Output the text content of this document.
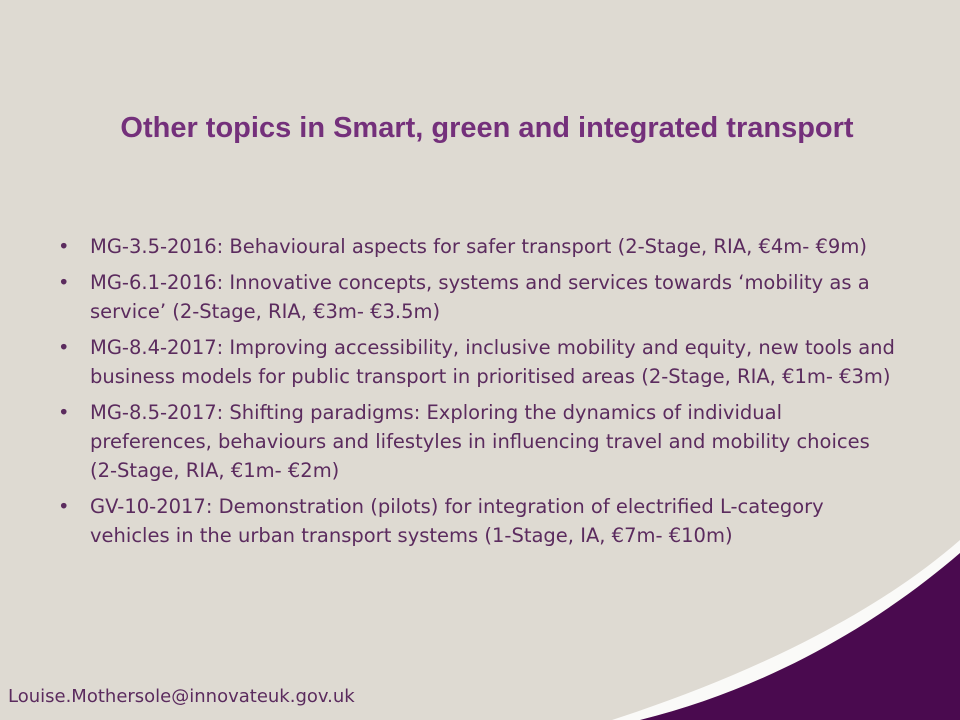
Other topics in Smart, green and integrated transport
•	MG-3.5-2016: Behavioural aspects for safer transport (2-Stage, RIA, €4m- €9m)
•	MG-6.1-2016: Innovative concepts, systems and services towards ‘mobility as a service’ (2-Stage, RIA, €3m- €3.5m)
•	MG-8.4-2017: Improving accessibility, inclusive mobility and equity, new tools and business models for public transport in prioritised areas (2-Stage, RIA, €1m- €3m)
•	MG-8.5-2017: Shifting paradigms: Exploring the dynamics of individual preferences, behaviours and lifestyles in influencing travel and mobility choices (2-Stage, RIA, €1m- €2m)
•	GV-10-2017: Demonstration (pilots) for integration of electrified L-category vehicles in the urban transport systems (1-Stage, IA, €7m- €10m)
Louise.Mothersole@innovateuk.gov.uk
